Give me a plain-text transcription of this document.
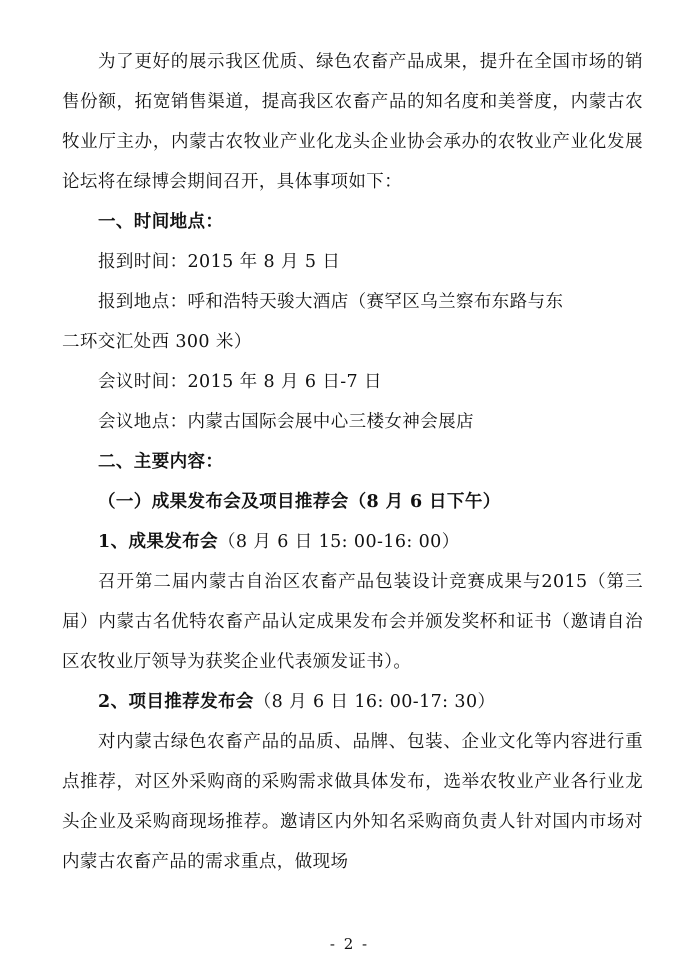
为了更好的展示我区优质、绿色农畜产品成果，提升在全国市场的销售份额，拓宽销售渠道，提高我区农畜产品的知名度和美誉度，内蒙古农牧业厅主办，内蒙古农牧业产业化龙头企业协会承办的农牧业产业化发展论坛将在绿博会期间召开，具体事项如下：

一、时间地点：

报到时间：2015 年 8 月 5 日

报到地点：呼和浩特天骏大酒店（赛罕区乌兰察布东路与东

二环交汇处西 300 米）

会议时间：2015 年 8 月 6 日-7 日

会议地点：内蒙古国际会展中心三楼女神会展店

二、主要内容：

（一）成果发布会及项目推荐会（8 月 6 日下午）

1、成果发布会（8 月 6 日 15: 00-16: 00）

召开第二届内蒙古自治区农畜产品包装设计竞赛成果与2015（第三届）内蒙古名优特农畜产品认定成果发布会并颁发奖杯和证书（邀请自治区农牧业厅领导为获奖企业代表颁发证书）。

2、项目推荐发布会（8 月 6 日 16: 00-17: 30）

对内蒙古绿色农畜产品的品质、品牌、包装、企业文化等内容进行重点推荐，对区外采购商的采购需求做具体发布，选举农牧业产业各行业龙头企业及采购商现场推荐。邀请区内外知名采购商负责人针对国内市场对内蒙古农畜产品的需求重点，做现场

- 2 -
